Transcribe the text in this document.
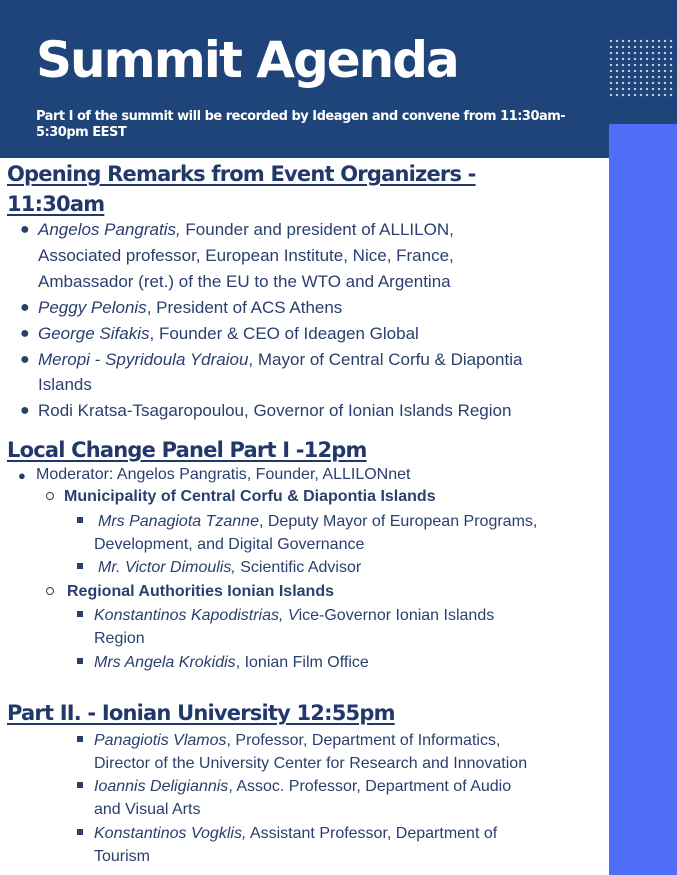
Summit Agenda

Part I of the summit will be recorded by Ideagen and convene from 11:30am-5:30pm EEST

Opening Remarks from Event Organizers -
11:30am
● Angelos Pangratis, Founder and president of ALLILON,
Associated professor, European Institute, Nice, France,
Ambassador (ret.) of the EU to the WTO and Argentina
● Peggy Pelonis, President of ACS Athens
● George Sifakis, Founder & CEO of Ideagen Global
● Meropi - Spyridoula Ydraiou, Mayor of Central Corfu & Diapontia
Islands
● Rodi Kratsa-Tsagaropoulou, Governor of Ionian Islands Region
Local Change Panel Part I -12pm
● Moderator: Angelos Pangratis, Founder, ALLILONnet
Municipality of Central Corfu & Diapontia Islands
Mrs Panagiota Tzanne, Deputy Mayor of European Programs,
Development, and Digital Governance
Mr. Victor Dimoulis, Scientific Advisor
Regional Authorities Ionian Islands
Konstantinos Kapodistrias, Vice-Governor Ionian Islands
Region
Mrs Angela Krokidis, Ionian Film Office
Part II. - Ionian University 12:55pm
Panagiotis Vlamos, Professor, Department of Informatics,
Director of the University Center for Research and Innovation
Ioannis Deligiannis, Assoc. Professor, Department of Audio
and Visual Arts
Konstantinos Vogklis, Assistant Professor, Department of
Tourism
